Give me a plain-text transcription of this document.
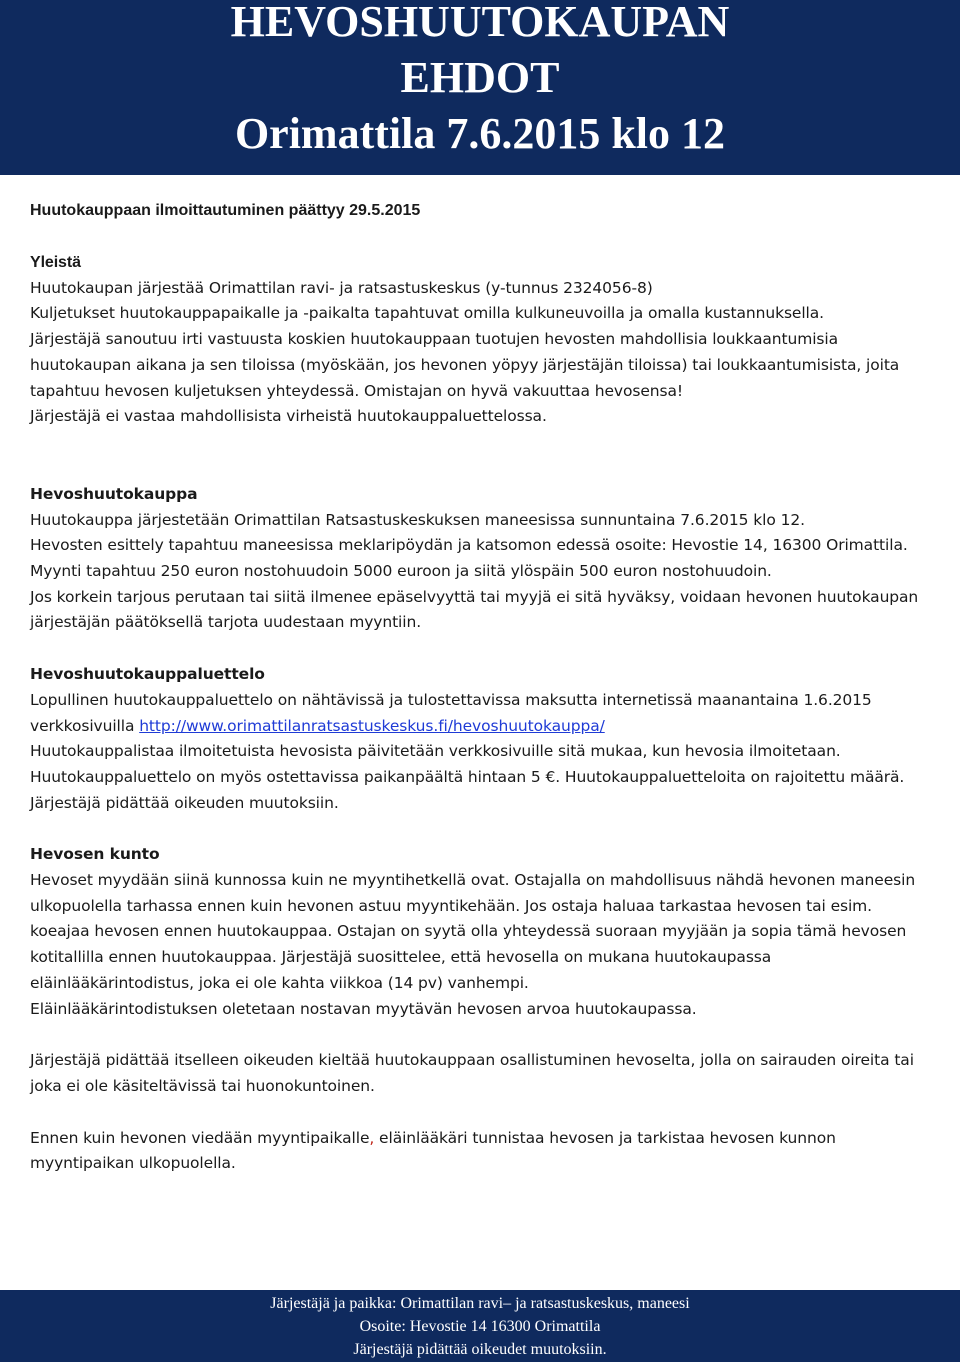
HEVOSHUUTOKAUPAN
EHDOT
Orimattila 7.6.2015 klo 12
Huutokauppaan ilmoittautuminen päättyy 29.5.2015

Yleistä

Huutokaupan järjestää Orimattilan ravi- ja ratsastuskeskus (y-tunnus 2324056-8)

Kuljetukset huutokauppapaikalle ja -paikalta tapahtuvat omilla kulkuneuvoilla ja omalla kustannuksella.

Järjestäjä sanoutuu irti vastuusta koskien huutokauppaan tuotujen hevosten mahdollisia loukkaantumisia huutokaupan aikana ja sen tiloissa (myöskään, jos hevonen yöpyy järjestäjän tiloissa) tai loukkaantumisista, joita tapahtuu hevosen kuljetuksen yhteydessä. Omistajan on hyvä vakuuttaa hevosensa!

Järjestäjä ei vastaa mahdollisista virheistä huutokauppaluettelossa.

Hevoshuutokauppa

Huutokauppa järjestetään Orimattilan Ratsastuskeskuksen maneesissa sunnuntaina 7.6.2015 klo 12.

Hevosten esittely tapahtuu maneesissa meklaripöydän ja katsomon edessä osoite: Hevostie 14, 16300 Orimattila.

Myynti tapahtuu 250 euron nostohuudoin 5000 euroon ja siitä ylöspäin 500 euron nostohuudoin.

Jos korkein tarjous perutaan tai siitä ilmenee epäselvyyttä tai myyjä ei sitä hyväksy, voidaan hevonen huutokaupan järjestäjän päätöksellä tarjota uudestaan myyntiin.

Hevoshuutokauppaluettelo

Lopullinen huutokauppaluettelo on nähtävissä ja tulostettavissa maksutta internetissä maanantaina 1.6.2015 verkkosivuilla http://www.orimattilanratsastuskeskus.fi/hevoshuutokauppa/

Huutokauppalistaa ilmoitetuista hevosista päivitetään verkkosivuille sitä mukaa, kun hevosia ilmoitetaan.

Huutokauppaluettelo on myös ostettavissa paikanpäältä hintaan 5 €. Huutokauppaluetteloita on rajoitettu määrä. Järjestäjä pidättää oikeuden muutoksiin.

Hevosen kunto

Hevoset myydään siinä kunnossa kuin ne myyntihetkellä ovat. Ostajalla on mahdollisuus nähdä hevonen maneesin ulkopuolella tarhassa ennen kuin hevonen astuu myyntikehään. Jos ostaja haluaa tarkastaa hevosen tai esim. koeajaa hevosen ennen huutokauppaa. Ostajan on syytä olla yhteydessä suoraan myyjään ja sopia tämä hevosen kotitallilla ennen huutokauppaa. Järjestäjä suosittelee, että hevosella on mukana huutokaupassa eläinlääkärintodistus, joka ei ole kahta viikkoa (14 pv) vanhempi.

Eläinlääkärintodistuksen oletetaan nostavan myytävän hevosen arvoa huutokaupassa.

Järjestäjä pidättää itselleen oikeuden kieltää huutokauppaan osallistuminen hevoselta, jolla on sairauden oireita tai joka ei ole käsiteltävissä tai huonokuntoinen.

Ennen kuin hevonen viedään myyntipaikalle, eläinlääkäri tunnistaa hevosen ja tarkistaa hevosen kunnon myyntipaikan ulkopuolella.

Järjestäjä ja paikka: Orimattilan ravi– ja ratsastuskeskus, maneesi
Osoite: Hevostie 14 16300 Orimattila
Järjestäjä pidättää oikeudet muutoksiin.
